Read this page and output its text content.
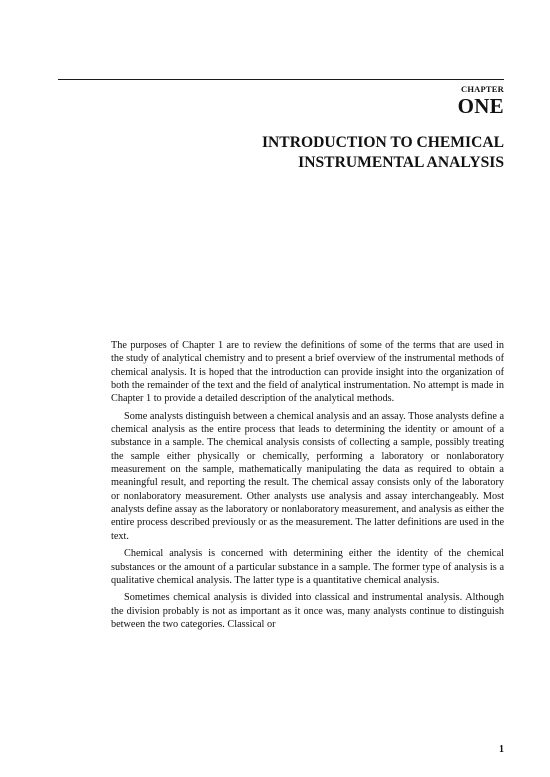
CHAPTER
ONE
INTRODUCTION TO CHEMICAL
INSTRUMENTAL ANALYSIS

The purposes of Chapter 1 are to review the definitions of some of the terms that are used in the study of analytical chemistry and to present a brief overview of the instrumental methods of chemical analysis. It is hoped that the introduction can provide insight into the organization of both the remainder of the text and the field of analytical instrumentation. No attempt is made in Chapter 1 to provide a detailed description of the analytical methods.

Some analysts distinguish between a chemical analysis and an assay. Those analysts define a chemical analysis as the entire process that leads to determining the identity or amount of a substance in a sample. The chemical analysis consists of collecting a sample, possibly treating the sample either physically or chemically, performing a laboratory or nonlaboratory measurement on the sample, mathematically manipulating the data as required to obtain a meaningful result, and reporting the result. The chemical assay consists only of the laboratory or nonlaboratory measurement. Other analysts use analysis and assay interchangeably. Most analysts define assay as the laboratory or nonlaboratory measurement, and analysis as either the entire process described previously or as the measurement. The latter definitions are used in the text.

Chemical analysis is concerned with determining either the identity of the chemical substances or the amount of a particular substance in a sample. The former type of analysis is a qualitative chemical analysis. The latter type is a quantitative chemical analysis.

Sometimes chemical analysis is divided into classical and instrumental analysis. Although the division probably is not as important as it once was, many analysts continue to distinguish between the two categories. Classical or

1
